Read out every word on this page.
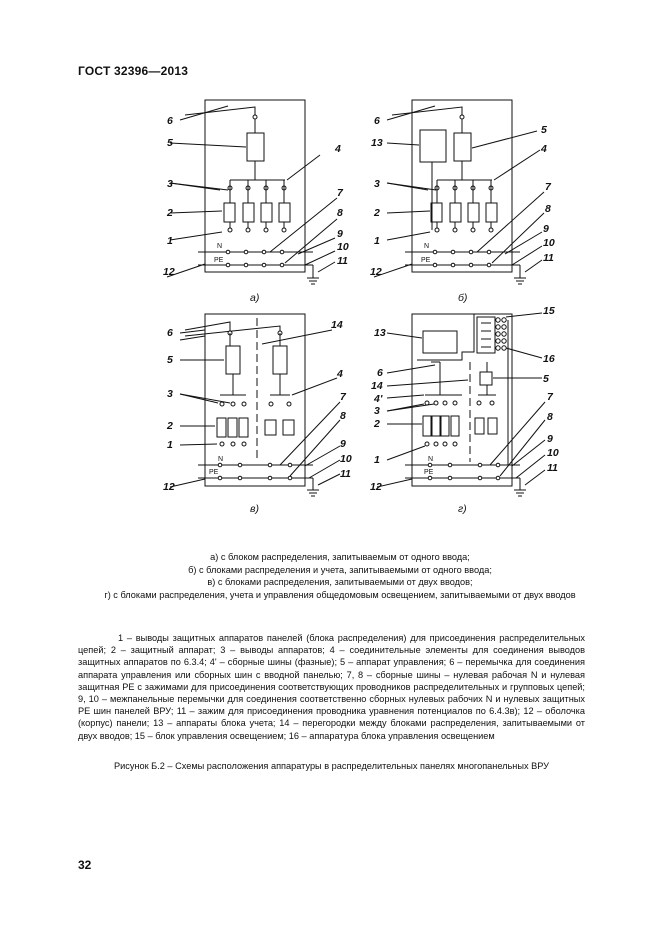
ГОСТ 32396—2013
6
5	4
3
2
7
8
1
9
10
12
11
N
PE
а)
6
13
5
4
3	7
2	8
1
9
10
12
11
N
PE
б)
6
14
5
4
3	7
2
8
1	9
10
12
11
N
PE
в)
15
13
16
6	5
14
4'
3
2
7
8
1
9
10
12
11
N
PE
г)
а) с блоком распределения, запитываемым от одного ввода;
б) с блоками распределения и учета, запитываемыми от одного ввода;
в) с блоками распределения, запитываемыми от двух вводов;
г) с блоками распределения, учета и управления общедомовым освещением, запитываемыми от двух вводов
1 – выводы защитных аппаратов панелей (блока распределения) для присоединения распределительных цепей; 2 – защитный аппарат; 3 – выводы аппаратов; 4 – соединительные элементы для соединения выводов защитных аппаратов по 6.3.4; 4' – сборные шины (фазные); 5 – аппарат управления; 6 – перемычка для соединения аппарата управления или сборных шин с вводной панелью; 7, 8 – сборные шины – нулевая рабочая N и нулевая защитная PE с зажимами для присоединения соответствующих проводников распределительных и групповых цепей; 9, 10 – межпанельные перемычки для соединения соответственно сборных нулевых рабочих N и нулевых защитных PE шин панелей ВРУ; 11 – зажим для присоединения проводника уравнения потенциалов по 6.4.3в); 12 – оболочка (корпус) панели; 13 – аппараты блока учета; 14 – перегородки между блоками распределения, запитываемыми от двух вводов; 15 – блок управления освещением; 16 – аппаратура блока управления освещением
Рисунок Б.2 – Схемы расположения аппаратуры в распределительных панелях многопанельных ВРУ
32
